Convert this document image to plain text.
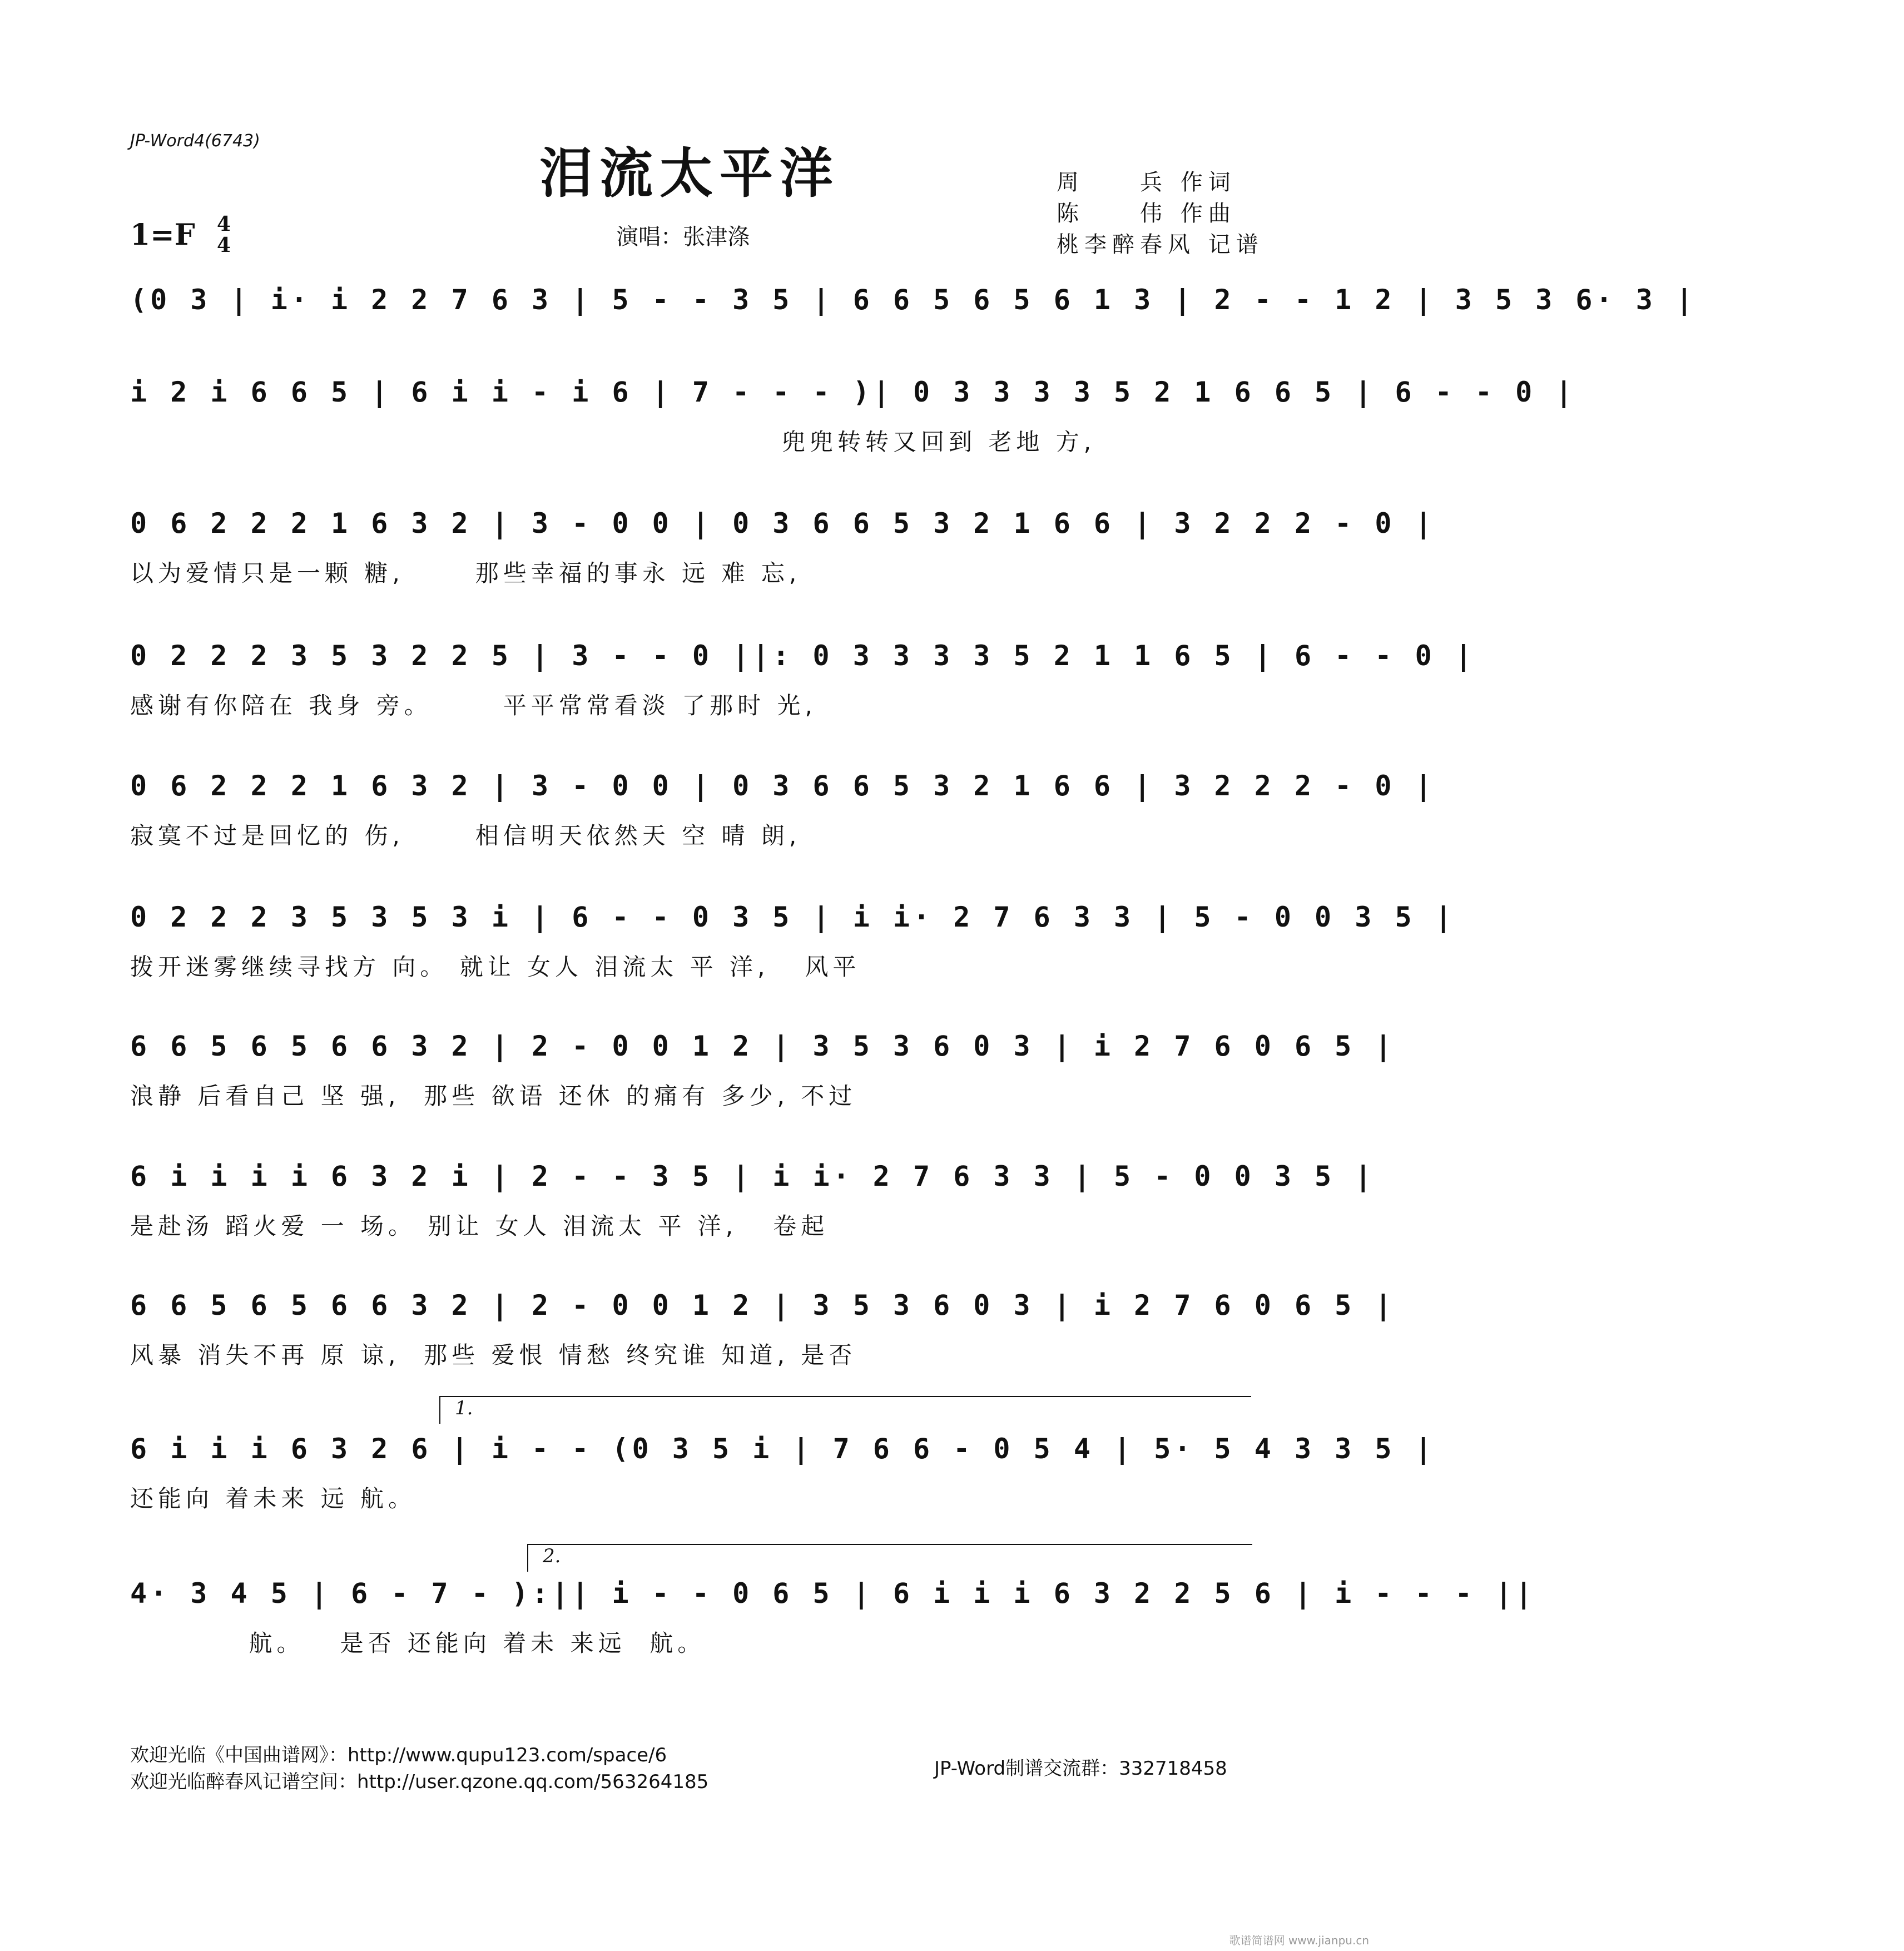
JP-Word4(6743)
泪流太平洋	周　　兵 作词
陈　　伟 作曲
桃李醉春风 记谱
1=F 4
4	演唱：张津涤
(0 3 | i· i 2 2 7 6 3 | 5 - - 3 5 | 6 6 5 6 5 6 1 3 | 2 - - 1 2 | 3 5 3 6· 3 |
i 2 i 6 6 5 | 6 i i - i 6 | 7 - - - )| 0 3 3 3 3 5 2 1 6 6 5 | 6 - - 0 |
兜兜转转又回到 老地 方,
0 6 2 2 2 1 6 3 2 | 3 - 0 0 | 0 3 6 6 5 3 2 1 6 6 | 3 2 2 2 - 0 |
以为爱情只是一颗 糖,      那些幸福的事永 远 难 忘,
0 2 2 2 3 5 3 2 2 5 | 3 - - 0 ||: 0 3 3 3 3 5 2 1 1 6 5 | 6 - - 0 |
感谢有你陪在 我身 旁。      平平常常看淡 了那时 光,
0 6 2 2 2 1 6 3 2 | 3 - 0 0 | 0 3 6 6 5 3 2 1 6 6 | 3 2 2 2 - 0 |
寂寞不过是回忆的 伤,      相信明天依然天 空 晴 朗,
0 2 2 2 3 5 3 5 3 i | 6 - - 0 3 5 | i i· 2 7 6 3 3 | 5 - 0 0 3 5 |
拨开迷雾继续寻找方 向。 就让 女人 泪流太 平 洋,   风平
6 6 5 6 5 6 6 3 2 | 2 - 0 0 1 2 | 3 5 3 6 0 3 | i 2 7 6 0 6 5 |
浪静 后看自己 坚 强,  那些 欲语 还休 的痛有 多少, 不过
6 i i i i 6 3 2 i | 2 - - 3 5 | i i· 2 7 6 3 3 | 5 - 0 0 3 5 |
是赴汤 蹈火爱 一 场。 别让 女人 泪流太 平 洋,   卷起
6 6 5 6 5 6 6 3 2 | 2 - 0 0 1 2 | 3 5 3 6 0 3 | i 2 7 6 0 6 5 |
风暴 消失不再 原 谅,  那些 爱恨 情愁 终究谁 知道, 是否
1.
6 i i i 6 3 2 6 | i - - (0 3 5 i | 7 6 6 - 0 5 4 | 5· 5 4 3 3 5 |
还能向 着未来 远 航。
2.
4· 3 4 5 | 6 - 7 - ):|| i - - 0 6 5 | 6 i i i 6 3 2 2 5 6 | i - - - ||
航。   是否 还能向 着未 来远  航。
欢迎光临《中国曲谱网》：http://www.qupu123.com/space/6
欢迎光临醉春风记谱空间：http://user.qzone.qq.com/563264185
JP-Word制谱交流群：332718458
歌谱简谱网 www.jianpu.cn
